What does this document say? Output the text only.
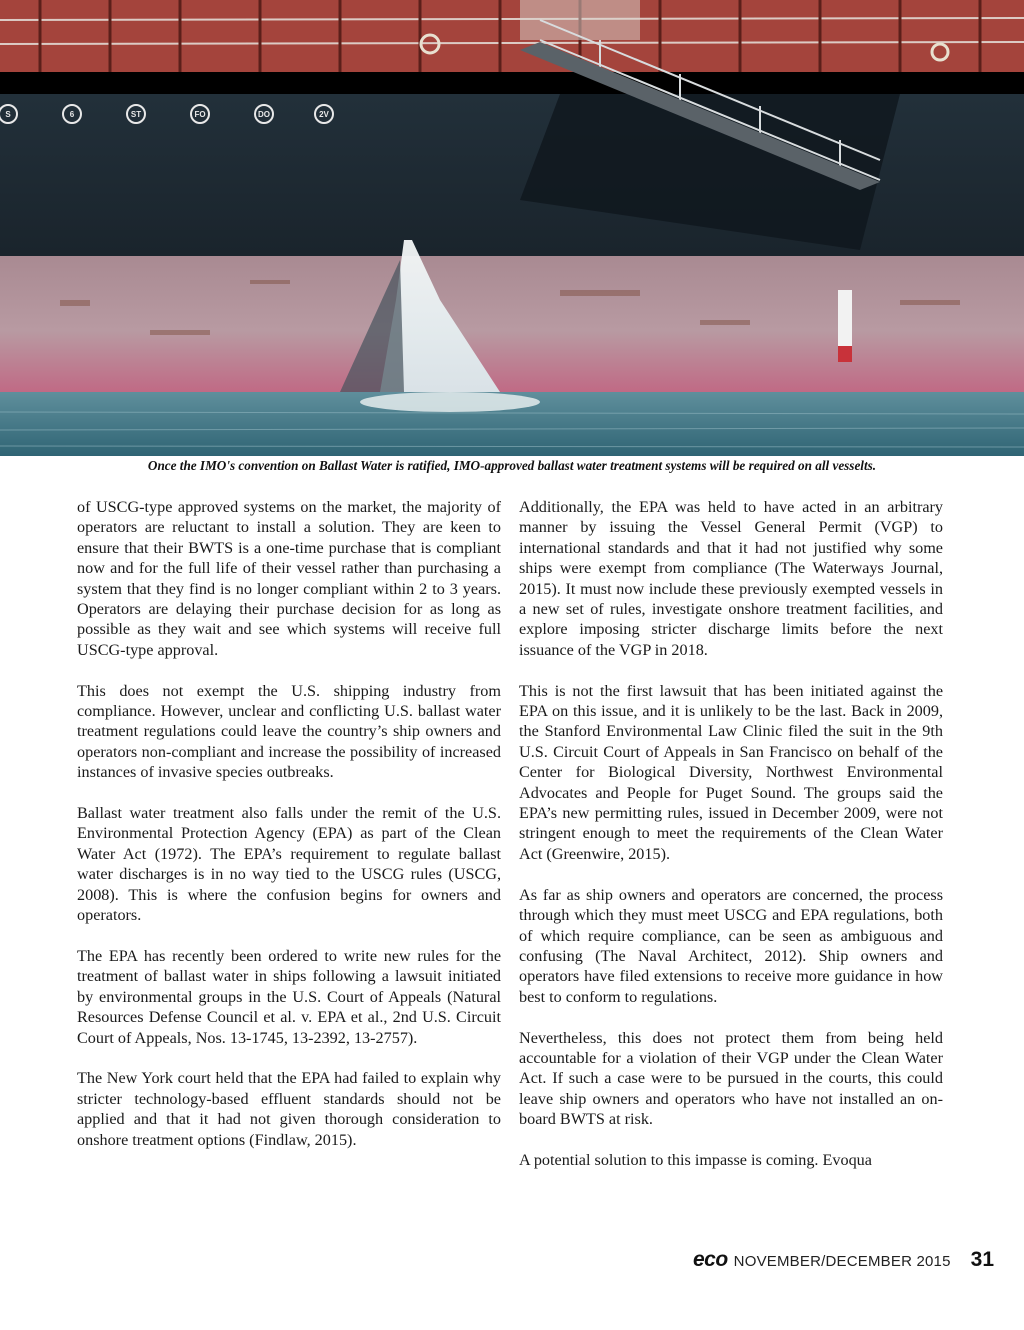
S	6	ST	FO	DO	2V
Once the IMO's convention on Ballast Water is ratified, IMO-approved ballast water treatment systems will be required on all vesselts.

of USCG-type approved systems on the market, the majority of operators are reluctant to install a solution. They are keen to ensure that their BWTS is a one-time purchase that is compliant now and for the full life of their vessel rather than purchasing a system that they find is no longer compliant within 2 to 3 years. Operators are delaying their purchase decision for as long as possible as they wait and see which systems will receive full USCG-type approval.

This does not exempt the U.S. shipping industry from compliance. However, unclear and conflicting U.S. ballast water treatment regulations could leave the country’s ship owners and operators non-compliant and increase the possibility of increased instances of invasive species outbreaks.

Ballast water treatment also falls under the remit of the U.S. Environmental Protection Agency (EPA) as part of the Clean Water Act (1972). The EPA’s requirement to regulate ballast water discharges is in no way tied to the USCG rules (USCG, 2008). This is where the confusion begins for owners and operators.

The EPA has recently been ordered to write new rules for the treatment of ballast water in ships following a lawsuit initiated by environmental groups in the U.S. Court of Appeals (Natural Resources Defense Council et al. v. EPA et al., 2nd U.S. Circuit Court of Appeals, Nos. 13-1745, 13-2392, 13-2757).

The New York court held that the EPA had failed to explain why stricter technology-based effluent standards should not be applied and that it had not given thorough consideration to onshore treatment options (Findlaw, 2015).

Additionally, the EPA was held to have acted in an arbitrary manner by issuing the Vessel General Permit (VGP) to international standards and that it had not justified why some ships were exempt from compliance (The Waterways Journal, 2015). It must now include these previously exempted vessels in a new set of rules, investigate onshore treatment facilities, and explore imposing stricter discharge limits before the next issuance of the VGP in 2018.

This is not the first lawsuit that has been initiated against the EPA on this issue, and it is unlikely to be the last. Back in 2009, the Stanford Environmental Law Clinic filed the suit in the 9th U.S. Circuit Court of Appeals in San Francisco on behalf of the Center for Biological Diversity, Northwest Environmental Advocates and People for Puget Sound. The groups said the EPA’s new permitting rules, issued in December 2009, were not stringent enough to meet the requirements of the Clean Water Act (Greenwire, 2015).

As far as ship owners and operators are concerned, the process through which they must meet USCG and EPA regulations, both of which require compliance, can be seen as ambiguous and confusing (The Naval Architect, 2012). Ship owners and operators have filed extensions to receive more guidance in how best to conform to regulations.

Nevertheless, this does not protect them from being held accountable for a violation of their VGP under the Clean Water Act. If such a case were to be pursued in the courts, this could leave ship owners and operators who have not installed an on-board BWTS at risk.

A potential solution to this impasse is coming. Evoqua

eco NOVEMBER/DECEMBER 2015 31
